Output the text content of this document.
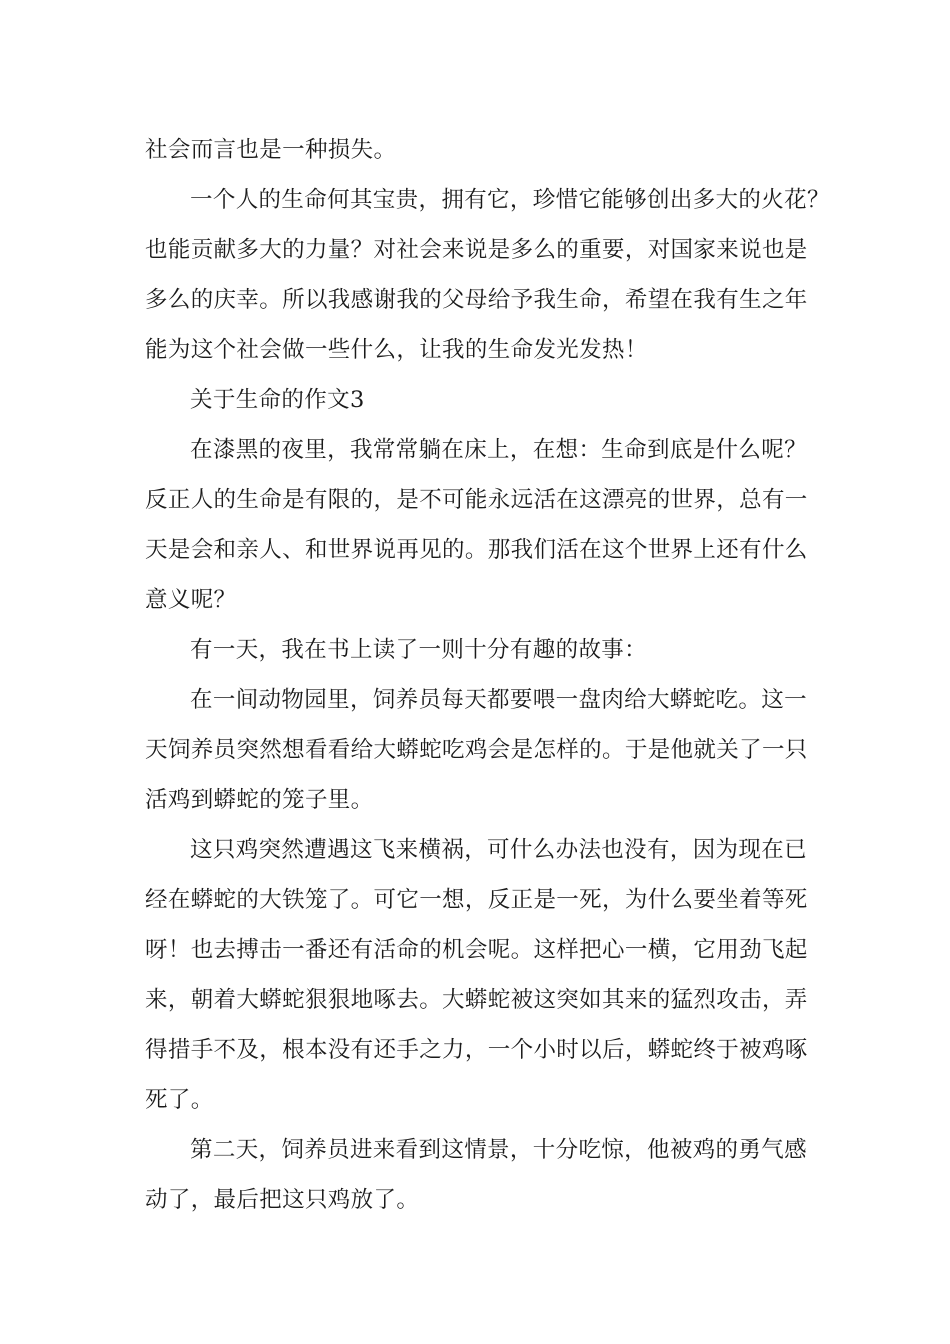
社会而言也是一种损失。

一个人的生命何其宝贵，拥有它，珍惜它能够创出多大的火花？

也能贡献多大的力量？对社会来说是多么的重要，对国家来说也是

多么的庆幸。所以我感谢我的父母给予我生命，希望在我有生之年

能为这个社会做一些什么，让我的生命发光发热！

关于生命的作文3

在漆黑的夜里，我常常躺在床上，在想：生命到底是什么呢？

反正人的生命是有限的，是不可能永远活在这漂亮的世界，总有一

天是会和亲人、和世界说再见的。那我们活在这个世界上还有什么

意义呢？

有一天，我在书上读了一则十分有趣的故事：

在一间动物园里，饲养员每天都要喂一盘肉给大蟒蛇吃。这一

天饲养员突然想看看给大蟒蛇吃鸡会是怎样的。于是他就关了一只

活鸡到蟒蛇的笼子里。

这只鸡突然遭遇这飞来横祸，可什么办法也没有，因为现在已

经在蟒蛇的大铁笼了。可它一想，反正是一死，为什么要坐着等死

呀！也去搏击一番还有活命的机会呢。这样把心一横，它用劲飞起

来，朝着大蟒蛇狠狠地啄去。大蟒蛇被这突如其来的猛烈攻击，弄

得措手不及，根本没有还手之力，一个小时以后，蟒蛇终于被鸡啄

死了。

第二天，饲养员进来看到这情景，十分吃惊，他被鸡的勇气感

动了，最后把这只鸡放了。
